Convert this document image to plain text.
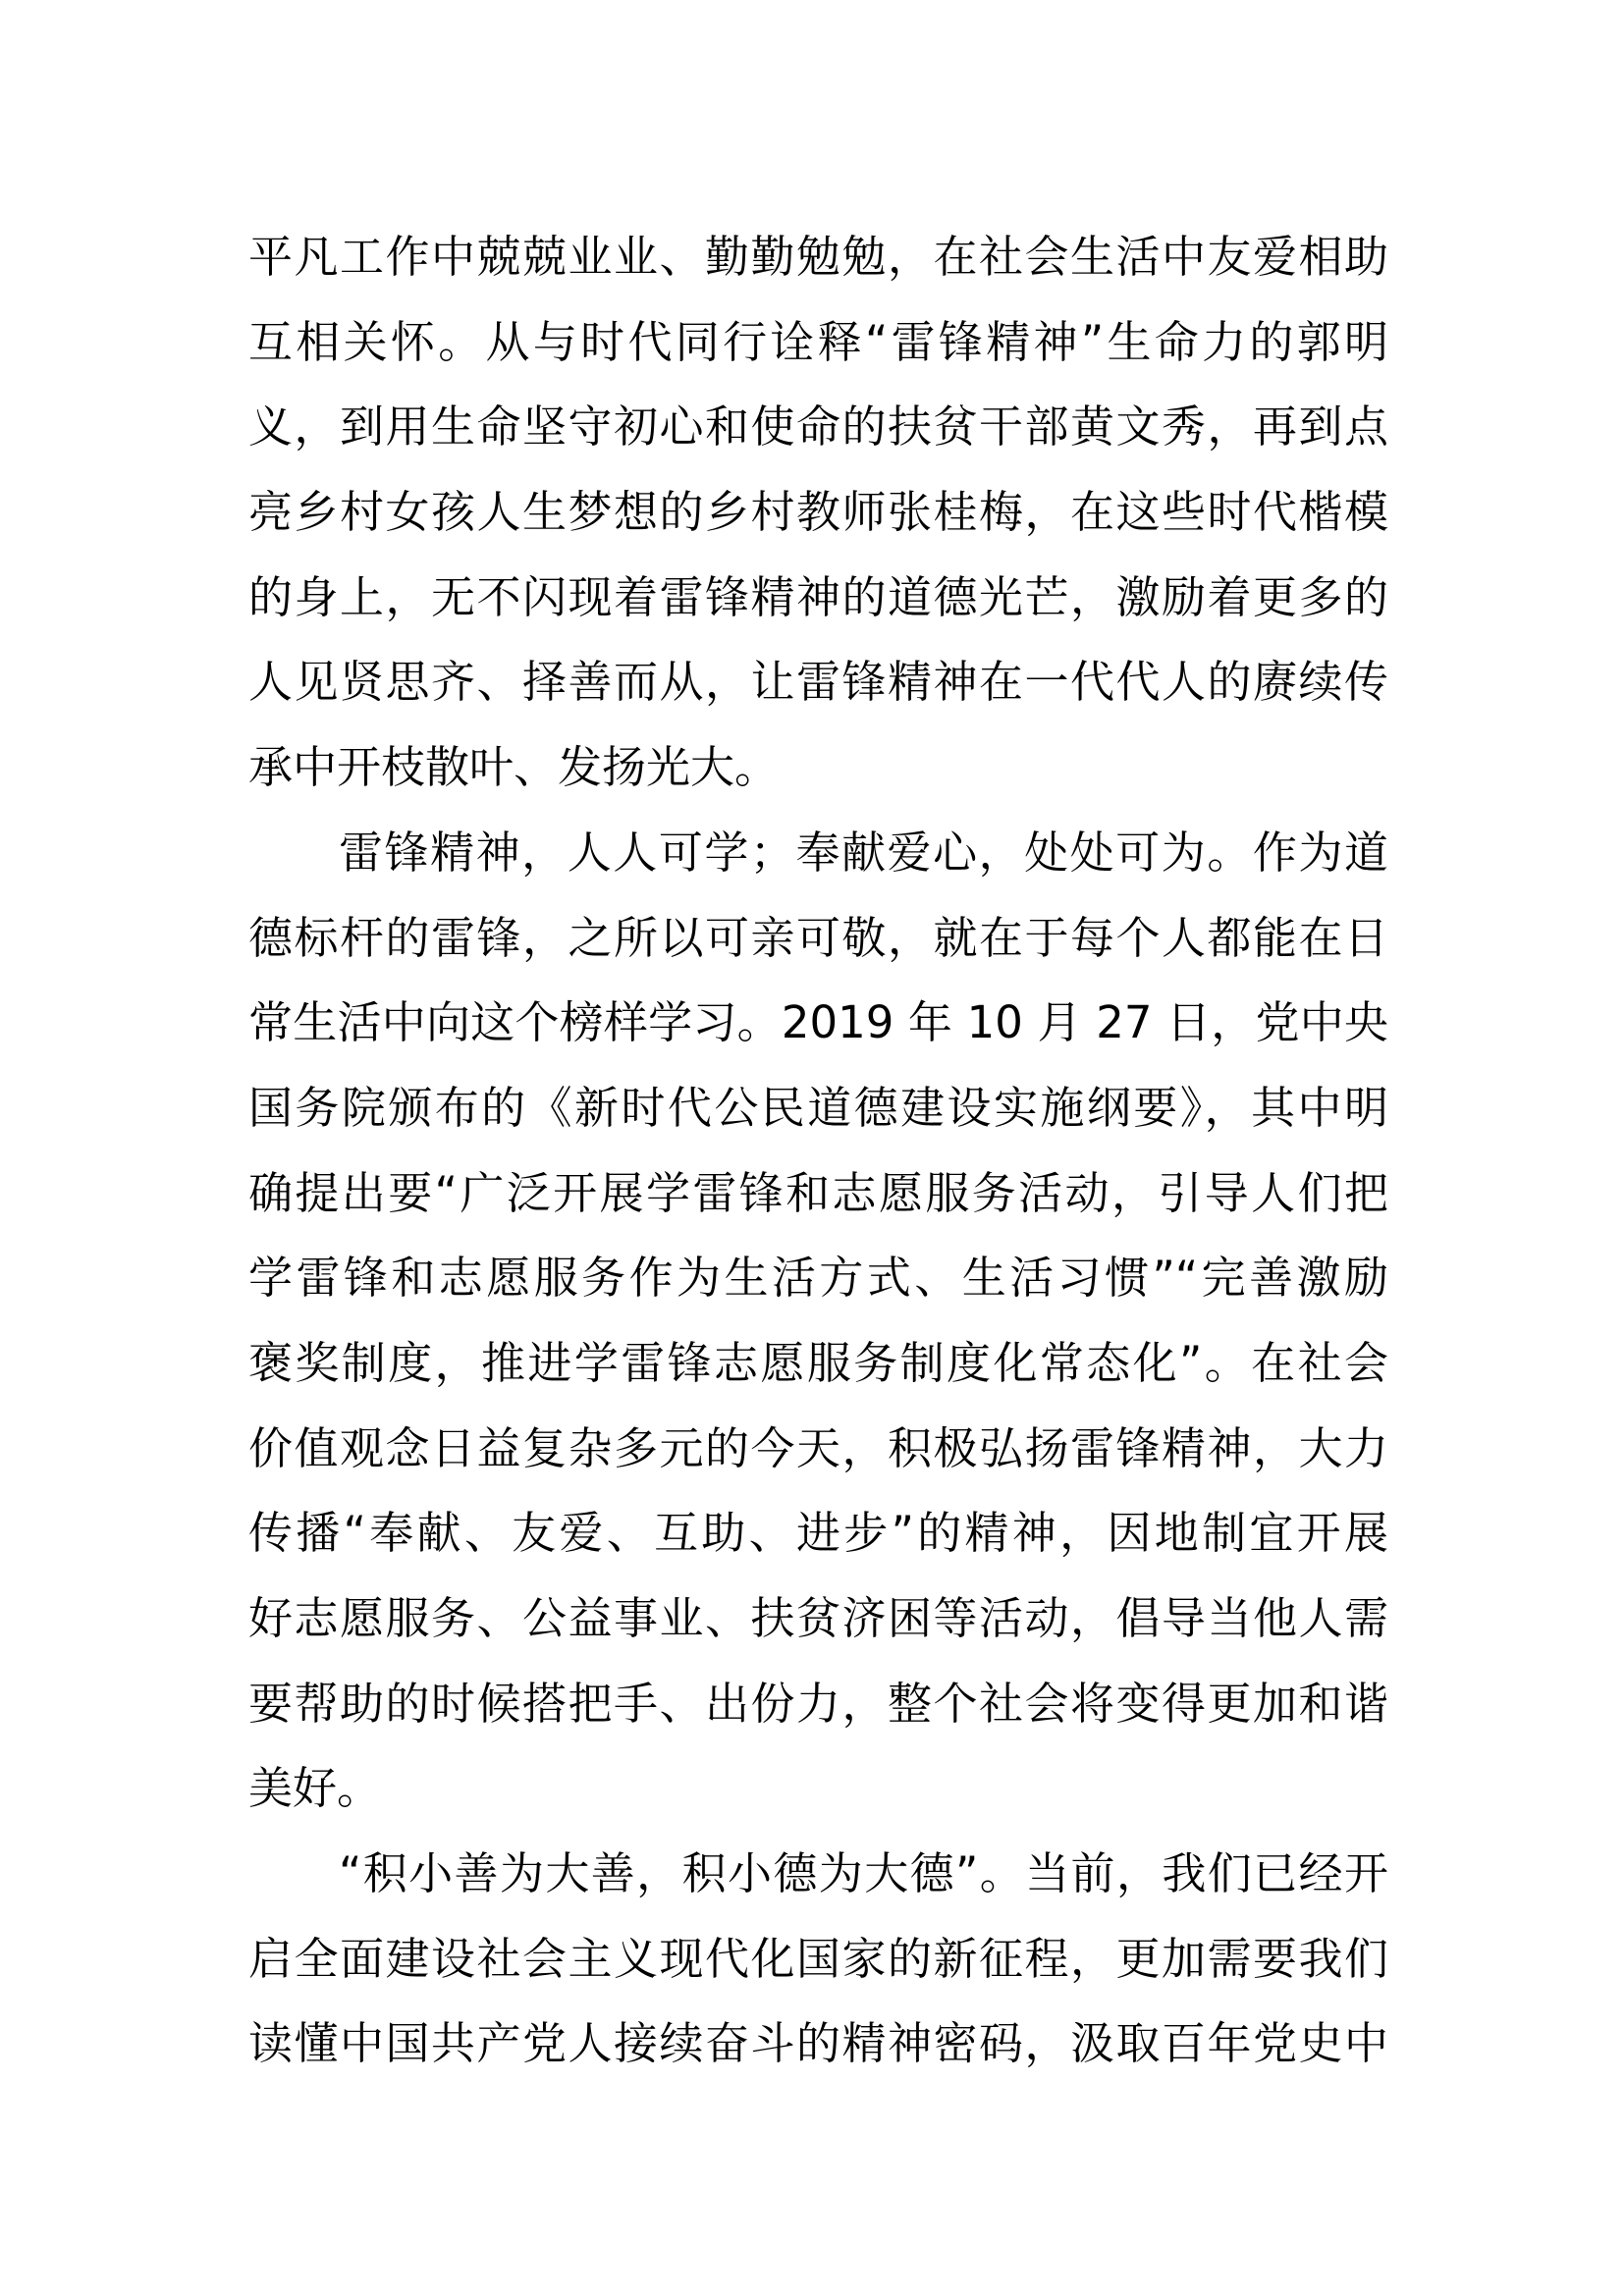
平凡工作中兢兢业业、勤勤勉勉，在社会生活中友爱相助
互相关怀。从与时代同行诠释“雷锋精神”生命力的郭明
义，到用生命坚守初心和使命的扶贫干部黄文秀，再到点
亮乡村女孩人生梦想的乡村教师张桂梅，在这些时代楷模
的身上，无不闪现着雷锋精神的道德光芒，激励着更多的
人见贤思齐、择善而从，让雷锋精神在一代代人的赓续传
承中开枝散叶、发扬光大。
雷锋精神，人人可学；奉献爱心，处处可为。作为道
德标杆的雷锋，之所以可亲可敬，就在于每个人都能在日
常生活中向这个榜样学习。2019 年 10 月 27 日，党中央
国务院颁布的《新时代公民道德建设实施纲要》，其中明
确提出要“广泛开展学雷锋和志愿服务活动，引导人们把
学雷锋和志愿服务作为生活方式、生活习惯”“完善激励
褒奖制度，推进学雷锋志愿服务制度化常态化”。在社会
价值观念日益复杂多元的今天，积极弘扬雷锋精神，大力
传播“奉献、友爱、互助、进步”的精神，因地制宜开展
好志愿服务、公益事业、扶贫济困等活动，倡导当他人需
要帮助的时候搭把手、出份力，整个社会将变得更加和谐
美好。
“积小善为大善，积小德为大德”。当前，我们已经开
启全面建设社会主义现代化国家的新征程，更加需要我们
读懂中国共产党人接续奋斗的精神密码，汲取百年党史中
